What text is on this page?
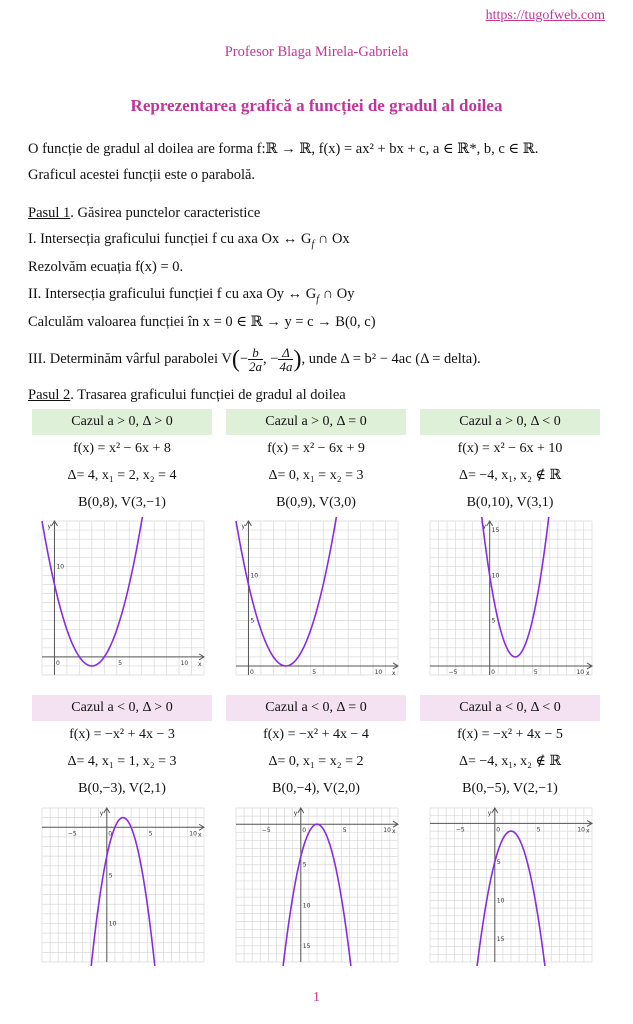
https://tugofweb.com
Profesor Blaga Mirela-Gabriela
Reprezentarea grafică a funcției de gradul al doilea
O funcție de gradul al doilea are forma f:ℝ → ℝ, f(x) = ax² + bx + c, a ∈ ℝ*, b, c ∈ ℝ.
Graficul acestei funcții este o parabolă.
Pasul 1. Găsirea punctelor caracteristice
I. Intersecția graficului funcției f cu axa Ox ↔ $G_f$ ∩ Ox
Rezolvăm ecuația f(x) = 0.
II. Intersecția graficului funcției f cu axa Oy ↔ $G_f$ ∩ Oy
Calculăm valoarea funcției în x = 0 ∈ ℝ → y = c → B(0, c)
III. Determinăm vârful parabolei $V(- \frac{b}{2a}$ , − $\frac{\Delta}{4a}$ ), unde Δ = b² − 4ac (Δ = delta).
Pasul 2. Trasarea graficului funcției de gradul al doilea
Cazul a > 0, Δ > 0
f(x) = x² − 6x + 8
Δ= 4, x₁ = 2, x₂ = 4
B(0,8), V(3,−1)
Cazul a > 0, Δ = 0
f(x) = x² − 6x + 9
Δ= 0, x₁ = x₂ = 3
B(0,9), V(3,0)
Cazul a > 0, Δ < 0
f(x) = x² − 6x + 10
Δ= −4, x₁, x₂ ∉ ℝ
B(0,10), V(3,1)
x
y
0	5	10
10
x
y
0	5	10
5
10
x
y
−5	0	5	10
5
10
15
Cazul a < 0, Δ > 0
f(x) = −x² + 4x − 3
Δ= 4, x₁ = 1, x₂ = 3
B(0,−3), V(2,1)
Cazul a < 0, Δ = 0
f(x) = −x² + 4x − 4
Δ= 0, x₁ = x₂ = 2
B(0,−4), V(2,0)
Cazul a < 0, Δ < 0
f(x) = −x² + 4x − 5
Δ= −4, x₁, x₂ ∉ ℝ
B(0,−5), V(2,−1)
x
y
−5	0	5	10
5
10
x
y
−5	0	5	10
5
10
15
x
y
−5	0	5	10
5
10
15
1
